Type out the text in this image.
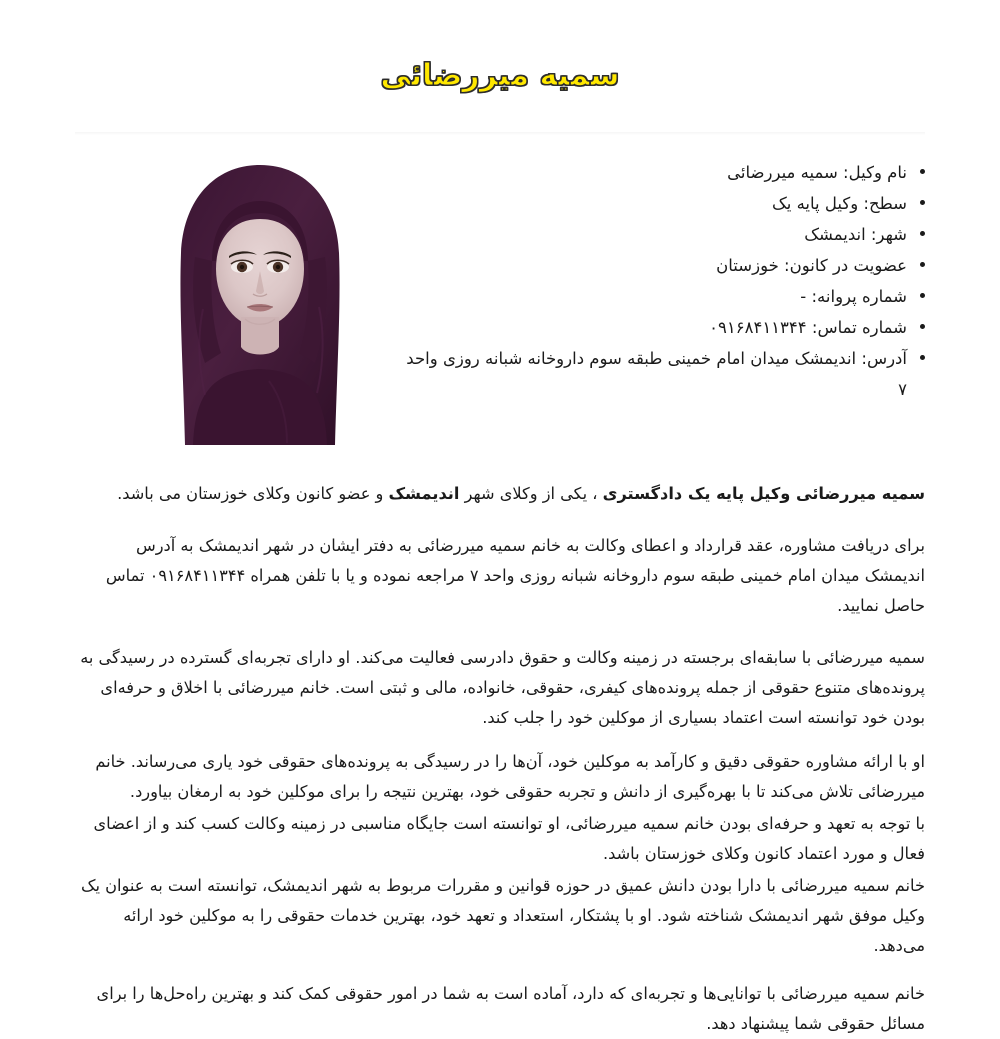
سمیه میررضائی
نام وکیل: سمیه میررضائی
سطح: وکیل پایه یک
شهر: اندیمشک
عضویت در کانون: خوزستان
شماره پروانه: -
شماره تماس: ۰۹۱۶۸۴۱۱۳۴۴
آدرس: اندیمشک میدان امام خمینی طبقه سوم داروخانه شبانه روزی واحد ۷

سمیه میررضائی وکیل پایه یک دادگستری ، یکی از وکلای شهر اندیمشک و عضو کانون وکلای خوزستان می باشد.

برای دریافت مشاوره، عقد قرارداد و اعطای وکالت به خانم سمیه میررضائی به دفتر ایشان در شهر اندیمشک به آدرس اندیمشک میدان امام خمینی طبقه سوم داروخانه شبانه روزی واحد ۷ مراجعه نموده و یا با تلفن همراه ۰۹۱۶۸۴۱۱۳۴۴ تماس حاصل نمایید.

سمیه میررضائی با سابقه‌ای برجسته در زمینه وکالت و حقوق دادرسی فعالیت می‌کند. او دارای تجربه‌ای گسترده در رسیدگی به پرونده‌های متنوع حقوقی از جمله پرونده‌های کیفری، حقوقی، خانواده، مالی و ثبتی است. خانم میررضائی با اخلاق و حرفه‌ای بودن خود توانسته است اعتماد بسیاری از موکلین خود را جلب کند.

او با ارائه مشاوره حقوقی دقیق و کارآمد به موکلین خود، آن‌ها را در رسیدگی به پرونده‌های حقوقی خود یاری می‌رساند. خانم میررضائی تلاش می‌کند تا با بهره‌گیری از دانش و تجربه حقوقی خود، بهترین نتیجه را برای موکلین خود به ارمغان بیاورد.

با توجه به تعهد و حرفه‌ای بودن خانم سمیه میررضائی، او توانسته است جایگاه مناسبی در زمینه وکالت کسب کند و از اعضای فعال و مورد اعتماد کانون وکلای خوزستان باشد.

خانم سمیه میررضائی با دارا بودن دانش عمیق در حوزه قوانین و مقررات مربوط به شهر اندیمشک، توانسته است به عنوان یک وکیل موفق شهر اندیمشک شناخته شود. او با پشتکار، استعداد و تعهد خود، بهترین خدمات حقوقی را به موکلین خود ارائه می‌دهد.

خانم سمیه میررضائی با توانایی‌ها و تجربه‌ای که دارد، آماده است به شما در امور حقوقی کمک کند و بهترین راه‌حل‌ها را برای مسائل حقوقی شما پیشنهاد دهد.
